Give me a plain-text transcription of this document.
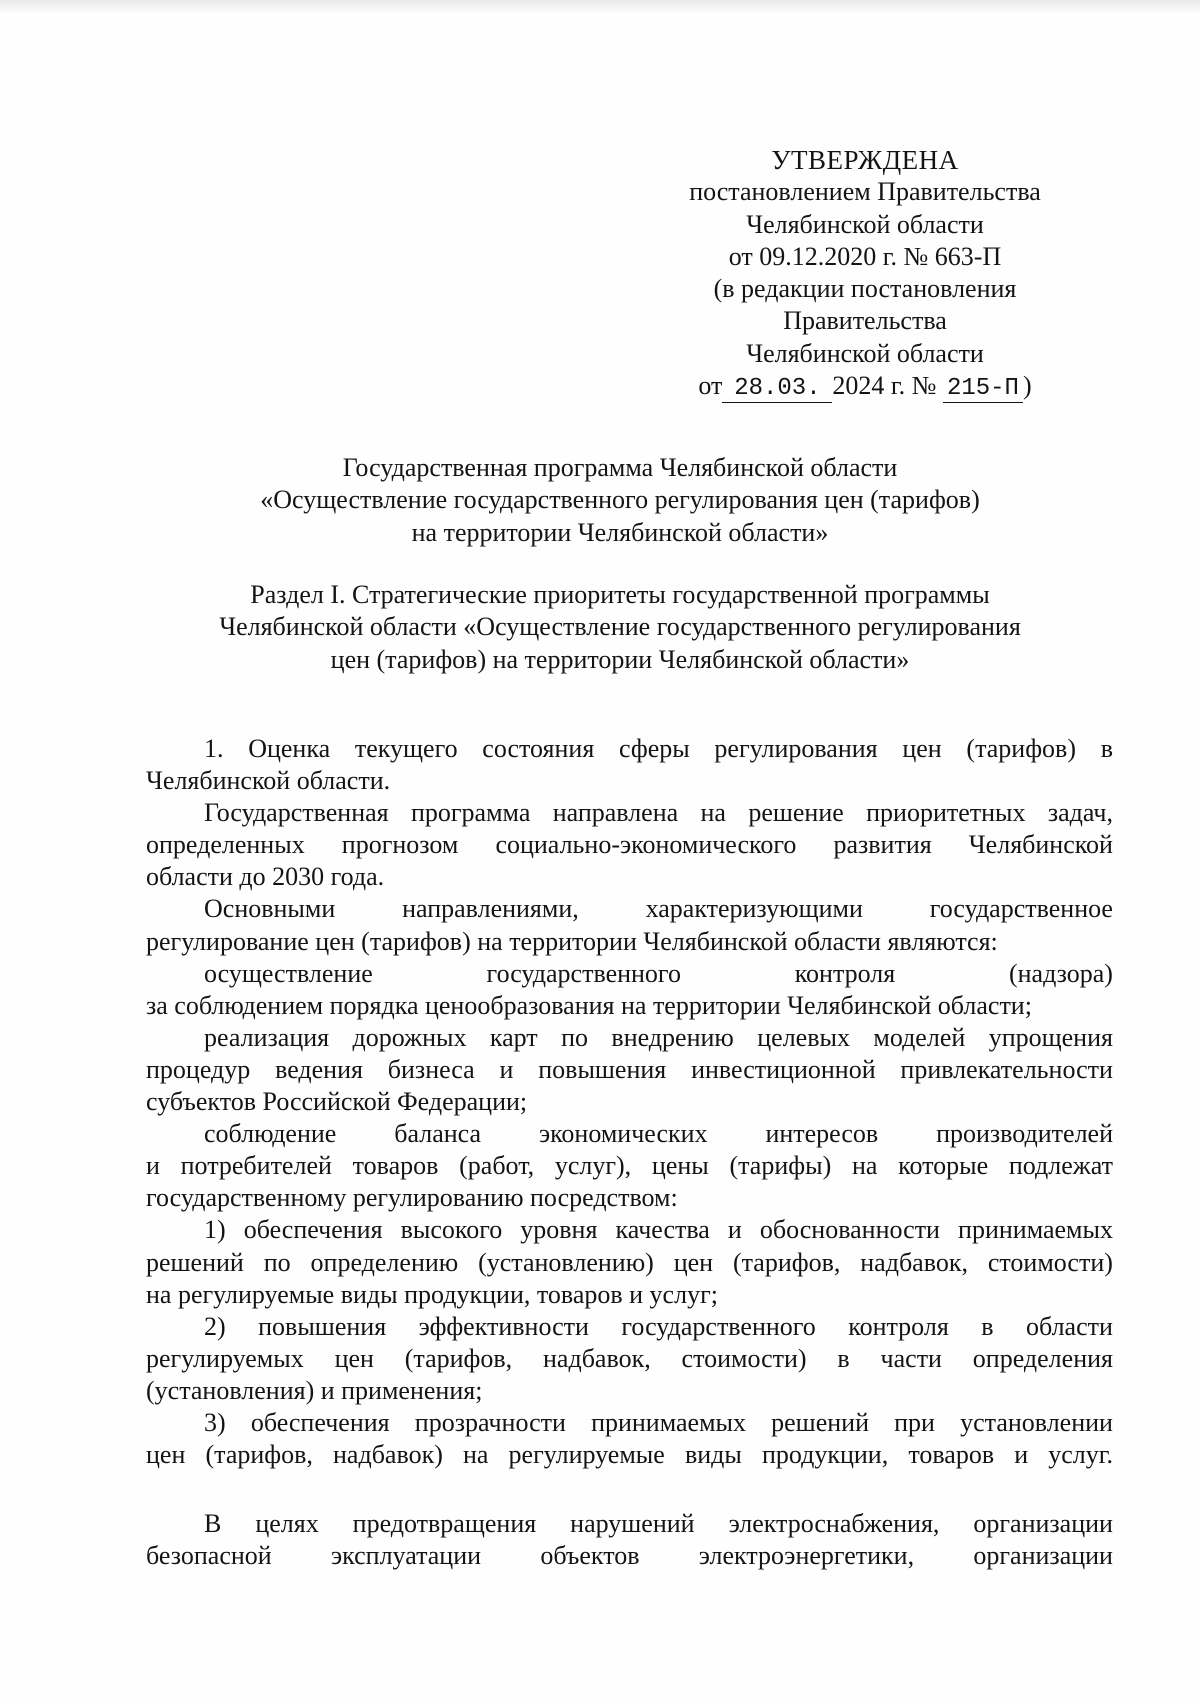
УТВЕРЖДЕНА
постановлением Правительства
Челябинской области
от 09.12.2020 г. № 663-П
(в редакции постановления
Правительства
Челябинской области
от 28.03. 2024 г. № 215-П )
Государственная программа Челябинской области
«Осуществление государственного регулирования цен (тарифов)
на территории Челябинской области»
Раздел I. Стратегические приоритеты государственной программы
Челябинской области «Осуществление государственного регулирования
цен (тарифов) на территории Челябинской области»
1. Оценка текущего состояния сферы регулирования цен (тарифов) в
Челябинской области.
Государственная программа направлена на решение приоритетных задач,
определенных прогнозом социально-экономического развития Челябинской
области до 2030 года.
Основными	направлениями,	характеризующими	государственное
регулирование цен (тарифов) на территории Челябинской области являются:
осуществление	государственного	контроля	(надзора)
за соблюдением порядка ценообразования на территории Челябинской области;
реализация дорожных карт по внедрению целевых моделей упрощения
процедур ведения бизнеса и повышения инвестиционной привлекательности
субъектов Российской Федерации;
соблюдение баланса экономических интересов производителей
и потребителей товаров (работ, услуг), цены (тарифы) на которые подлежат
государственному регулированию посредством:
1) обеспечения высокого уровня качества и обоснованности принимаемых
решений по определению (установлению) цен (тарифов, надбавок, стоимости)
на регулируемые виды продукции, товаров и услуг;
2) повышения эффективности государственного контроля в области
регулируемых цен (тарифов, надбавок, стоимости) в части определения
(установления) и применения;
3) обеспечения прозрачности принимаемых решений при установлении
цен (тарифов, надбавок) на регулируемые виды продукции, товаров и услуг.
В целях предотвращения нарушений электроснабжения, организации
безопасной эксплуатации объектов электроэнергетики, организации
